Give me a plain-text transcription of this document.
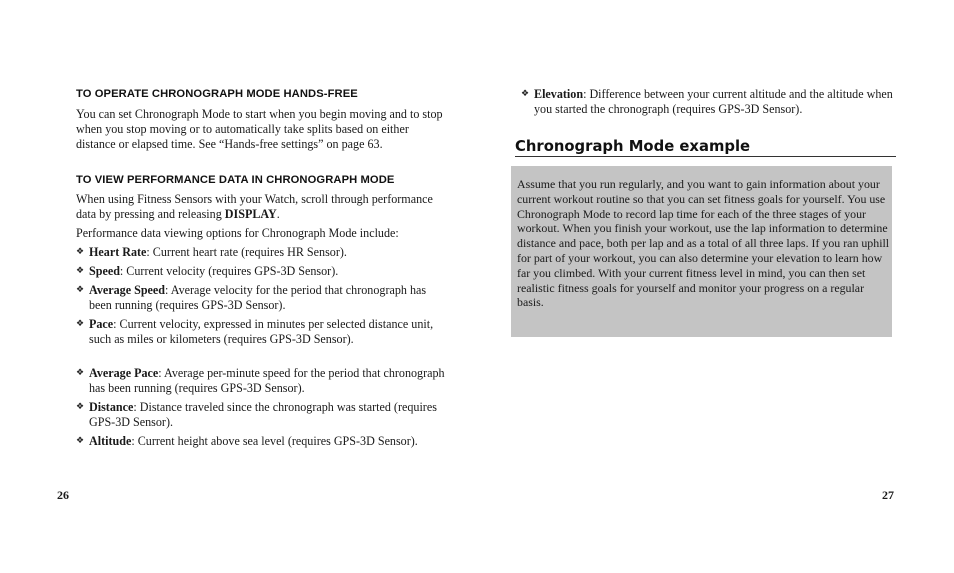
TO OPERATE CHRONOGRAPH MODE HANDS-FREE

You can set Chronograph Mode to start when you begin moving and to stop when you stop moving or to automatically take splits based on either distance or elapsed time. See “Hands-free settings” on page 63.

TO VIEW PERFORMANCE DATA IN CHRONOGRAPH MODE

When using Fitness Sensors with your Watch, scroll through performance data by pressing and releasing DISPLAY.

Performance data viewing options for Chronograph Mode include:

❖ Heart Rate: Current heart rate (requires HR Sensor).
❖ Speed: Current velocity (requires GPS-3D Sensor).
❖ Average Speed: Average velocity for the period that chronograph has been running (requires GPS-3D Sensor).
❖ Pace: Current velocity, expressed in minutes per selected distance unit, such as miles or kilometers (requires GPS-3D Sensor).
❖ Average Pace: Average per-minute speed for the period that chronograph has been running (requires GPS-3D Sensor).
❖ Distance: Distance traveled since the chronograph was started (requires GPS-3D Sensor).
❖ Altitude: Current height above sea level (requires GPS-3D Sensor).
26
❖ Elevation: Difference between your current altitude and the altitude when you started the chronograph (requires GPS-3D Sensor).
Chronograph Mode example

Assume that you run regularly, and you want to gain information about your current workout routine so that you can set fitness goals for yourself. You use Chronograph Mode to record lap time for each of the three stages of your workout. When you finish your workout, use the lap information to determine distance and pace, both per lap and as a total of all three laps. If you ran uphill for part of your workout, you can also determine your elevation to learn how far you climbed. With your current fitness level in mind, you can then set realistic fitness goals for yourself and monitor your progress on a regular basis.

27
